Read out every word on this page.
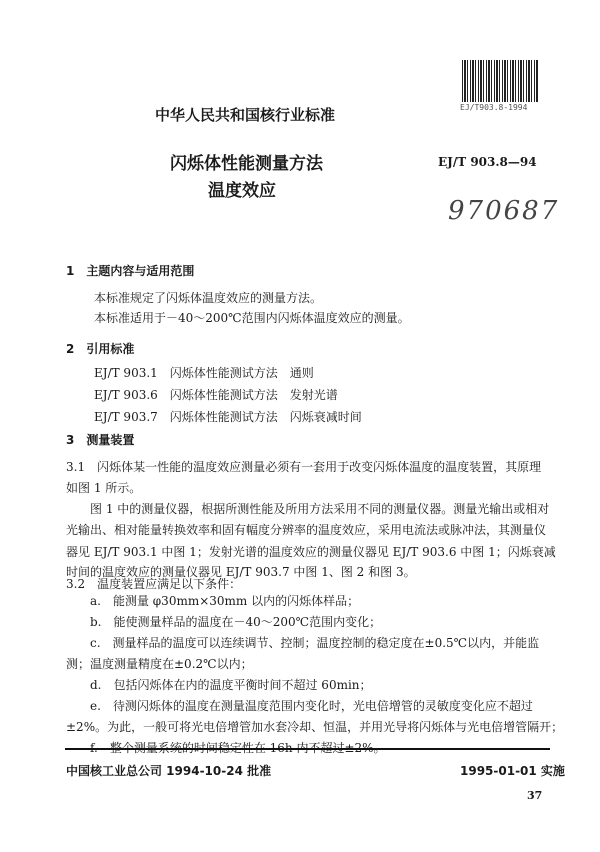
EJ/T903.8-1994
中华人民共和国核行业标准
闪烁体性能测量方法
温度效应
EJ/T 903.8—94
970687
1　主题内容与适用范围
本标准规定了闪烁体温度效应的测量方法。
本标准适用于－40～200℃范围内闪烁体温度效应的测量。
2　引用标准
EJ/T 903.1　闪烁体性能测试方法　通则
EJ/T 903.6　闪烁体性能测试方法　发射光谱
EJ/T 903.7　闪烁体性能测试方法　闪烁衰减时间
3　测量装置
3.1　闪烁体某一性能的温度效应测量必须有一套用于改变闪烁体温度的温度装置，其原理
如图 1 所示。
　　图 1 中的测量仪器，根据所测性能及所用方法采用不同的测量仪器。测量光输出或相对
光输出、相对能量转换效率和固有幅度分辨率的温度效应，采用电流法或脉冲法，其测量仪
器见 EJ/T 903.1 中图 1；发射光谱的温度效应的测量仪器见 EJ/T 903.6 中图 1；闪烁衰减
时间的温度效应的测量仪器见 EJ/T 903.7 中图 1、图 2 和图 3。
3.2　温度装置应满足以下条件：
　　a.　能测量 φ30mm×30mm 以内的闪烁体样品；
　　b.　能使测量样品的温度在－40～200℃范围内变化；
　　c.　测量样品的温度可以连续调节、控制；温度控制的稳定度在±0.5℃以内，并能监
测；温度测量精度在±0.2℃以内；
　　d.　包括闪烁体在内的温度平衡时间不超过 60min；
　　e.　待测闪烁体的温度在测量温度范围内变化时，光电倍增管的灵敏度变化应不超过
±2%。为此，一般可将光电倍增管加水套冷却、恒温，并用光导将闪烁体与光电倍增管隔开；
中国核工业总公司 1994-10-24 批准	1995-01-01 实施
37
